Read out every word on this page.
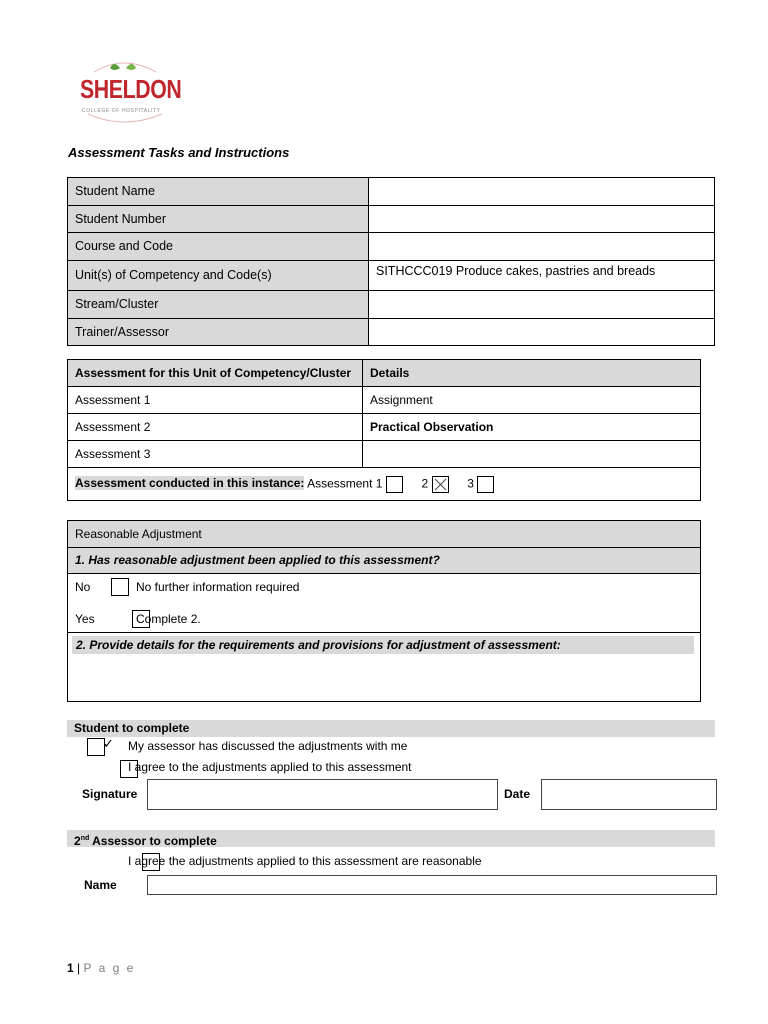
SHELDON
COLLEGE OF HOSPITALITY
Assessment Tasks and Instructions
Student Name	
Student Number	
Course and Code	
Unit(s) of Competency and Code(s)	SITHCCC019 Produce cakes, pastries and breads
Stream/Cluster	
Trainer/Assessor	
Assessment for this Unit of Competency/Cluster	Details
Assessment 1	Assignment
Assessment 2	Practical Observation
Assessment 3	
Assessment conducted in this instance: Assessment 1 2 3	
Reasonable Adjustment
1. Has reasonable adjustment been applied to this assessment?
No
	No further information required
Yes	Complete 2.
2. Provide details for the requirements and provisions for adjustment of assessment:
Student to complete

✓ My assessor has discussed the adjustments with me

I agree to the adjustments applied to this assessment
Signature	Date
2nd Assessor to complete
I agree the adjustments applied to this assessment are reasonable
Name
1 | P a g e
